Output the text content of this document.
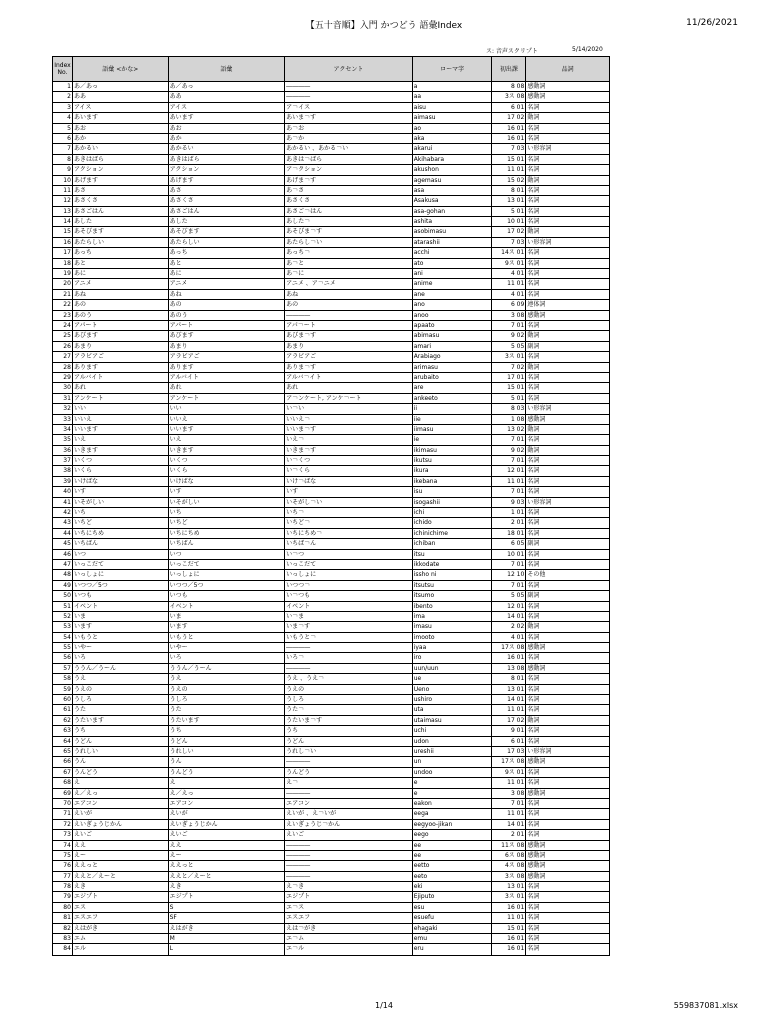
【五十音順】入門 かつどう 語彙Index	11/26/2021
ス: 音声スクリプト	5/14/2020
Index No.	語彙 <かな>	語彙	アクセント	ローマ字	初出課	品詞
1 あ／あっ	あ／あっ	――――	a	8 08 感動詞
2 ああ	ああ	――――	aa	3ス 08 感動詞
3 アイス	アイス	ア￢イス	aisu	6 01 名詞
4 あいます	あいます	あいま￢す	aimasu	17 02 動詞
5 あお	あお	あ￢お	ao	16 01 名詞
6 あか	あか	あ￢か	aka	16 01 名詞
7 あかるい	あかるい	あかるい 、あかる￢い	akarui	7 03 い形容詞
8 あきはばら	あきはばら	あきは￢ばら	Akihabara	15 01 名詞
9 アクション	アクション	ア￢クション	akushon	11 01 名詞
10 あげます	あげます	あげま￢す	agemasu	15 02 動詞
11 あさ	あさ	あ￢さ	asa	8 01 名詞
12 あさくさ	あさくさ	あさくさ	Asakusa	13 01 名詞
13 あさごはん	あさごはん	あさご￢はん	asa-gohan	5 01 名詞
14 あした	あした	あした￢	ashita	10 01 名詞
15 あそびます	あそびます	あそびま￢す	asobimasu	17 02 動詞
16 あたらしい	あたらしい	あたらし￢い	atarashii	7 03 い形容詞
17 あっち	あっち	あっち￢	acchi	14ス 01 名詞
18 あと	あと	あ￢と	ato	9ス 01 名詞
19 あに	あに	あ￢に	ani	4 01 名詞
20 アニメ	アニメ	アニメ 、ア￢ニメ	anime	11 01 名詞
21 あね	あね	あね	ane	4 01 名詞
22 あの	あの	あの	ano	6 09 連体詞
23 あのう	あのう	――――	anoo	3 08 感動詞
24 アパート	アパート	アパ￢ート	apaato	7 01 名詞
25 あびます	あびます	あびま￢す	abimasu	9 02 動詞
26 あまり	あまり	あまり	amari	5 05 副詞
27 アラビアご	アラビアご	アラビアご	Arabiago	3ス 01 名詞
28 あります	あります	ありま￢す	arimasu	7 02 動詞
29 アルバイト	アルバイト	アルバ￢イト	arubaito	17 01 名詞
30 あれ	あれ	あれ	are	15 01 名詞
31 アンケート	アンケート	ア￢ンケート, アンケ￢ート	ankeeto	5 01 名詞
32 いい	いい	い￢い	ii	8 03 い形容詞
33 いいえ	いいえ	いいえ￢	iie	1 08 感動詞
34 いいます	いいます	いいま￢す	iimasu	13 02 動詞
35 いえ	いえ	いえ￢	ie	7 01 名詞
36 いきます	いきます	いきま￢す	ikimasu	9 02 動詞
37 いくつ	いくつ	い￢くつ	ikutsu	7 01 名詞
38 いくら	いくら	い￢くら	ikura	12 01 名詞
39 いけばな	いけばな	いけ￢ばな	ikebana	11 01 名詞
40 いす	いす	いす	isu	7 01 名詞
41 いそがしい	いそがしい	いそがし￢い	isogashii	9 03 い形容詞
42 いち	いち	いち￢	ichi	1 01 名詞
43 いちど	いちど	いちど￢	ichido	2 01 名詞
44 いちにちめ	いちにちめ	いちにちめ￢	ichinichime	18 01 名詞
45 いちばん	いちばん	いちば￢ん	ichiban	6 05 副詞
46 いつ	いつ	い￢つ	itsu	10 01 名詞
47 いっこだて	いっこだて	いっこだて	ikkodate	7 01 名詞
48 いっしょに	いっしょに	いっしょに	issho ni	12 10 その他
49 いつつ／5つ	いつつ／5つ	いつつ￢	itsutsu	7 01 名詞
50 いつも	いつも	い￢つも	itsumo	5 05 副詞
51 イベント	イベント	イベント	ibento	12 01 名詞
52 いま	いま	い￢ま	ima	14 01 名詞
53 います	います	いま￢す	imasu	2 02 動詞
54 いもうと	いもうと	いもうと￢	imooto	4 01 名詞
55 いやー	いやー	――――	iyaa	17ス 08 感動詞
56 いろ	いろ	いろ￢	iro	16 01 名詞
57 ううん／うーん	ううん／うーん	――――	uun/uun	13 08 感動詞
58 うえ	うえ	うえ 、うえ￢	ue	8 01 名詞
59 うえの	うえの	うえの	Ueno	13 01 名詞
60 うしろ	うしろ	うしろ	ushiro	14 01 名詞
61 うた	うた	うた￢	uta	11 01 名詞
62 うたいます	うたいます	うたいま￢す	utaimasu	17 02 動詞
63 うち	うち	うち	uchi	9 01 名詞
64 うどん	うどん	うどん	udon	6 01 名詞
65 うれしい	うれしい	うれし￢い	ureshii	17 03 い形容詞
66 うん	うん	――――	un	17ス 08 感動詞
67 うんどう	うんどう	うんどう	undoo	9ス 01 名詞
68 え	え	え￢	e	11 01 名詞
69 え／えっ	え／えっ	――――	e	3 08 感動詞
70 エアコン	エアコン	エアコン	eakon	7 01 名詞
71 えいが	えいが	えいが 、え￢いが	eega	11 01 名詞
72 えいぎょうじかん	えいぎょうじかん	えいぎょうじ￢かん	eegyoo-jikan	14 01 名詞
73 えいご	えいご	えいご	eego	2 01 名詞
74 ええ	ええ	――――	ee	11ス 08 感動詞
75 えー	えー	――――	ee	6ス 08 感動詞
76 ええっと	ええっと	――――	eetto	4ス 08 感動詞
77 ええと／えーと	ええと／えーと	――――	eeto	3ス 08 感動詞
78 えき	えき	え￢き	eki	13 01 名詞
79 エジプト	エジプト	エジプト	Ejiputo	3ス 01 名詞
80 エス	S	エ￢ス	esu	16 01 名詞
81 エスエフ	SF	エスエフ	esuefu	11 01 名詞
82 えはがき	えはがき	えは￢がき	ehagaki	15 01 名詞
83 エム	M	エ￢ム	emu	16 01 名詞
84 エル	L	エ￢ル	eru	16 01 名詞
1/14	559837081.xlsx
